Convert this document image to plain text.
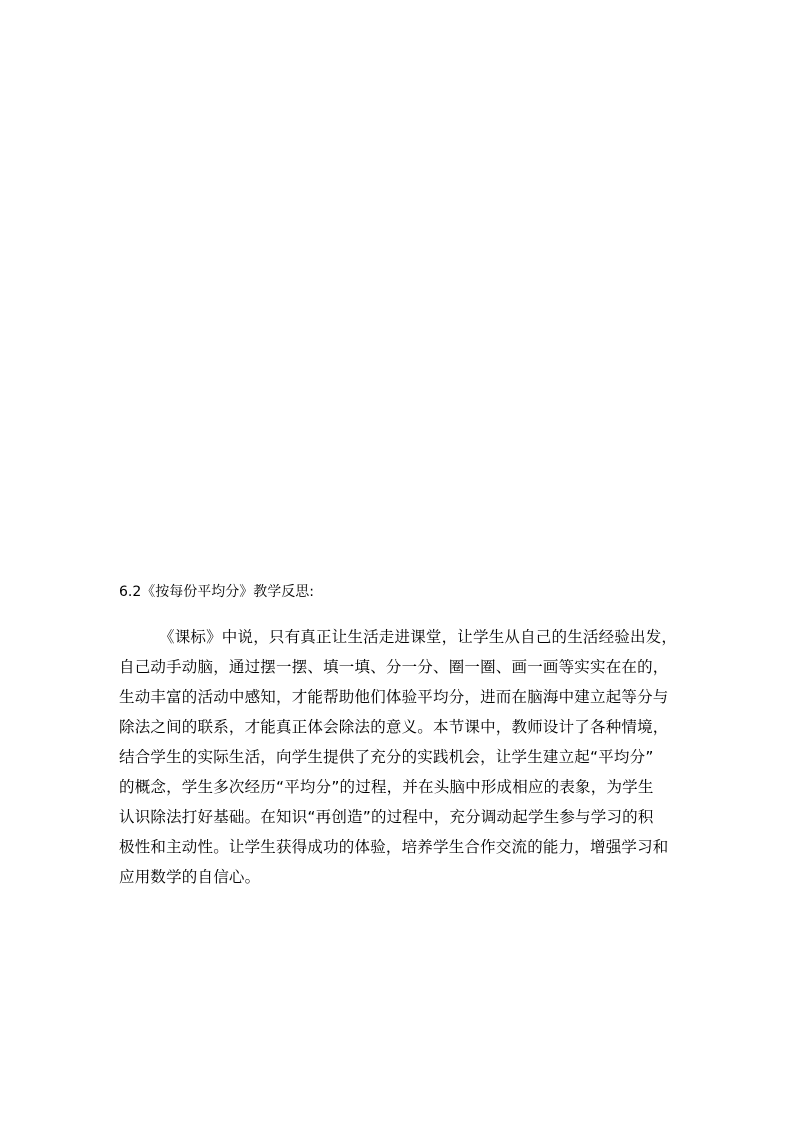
6.2《按每份平均分》教学反思:
《课标》中说，只有真正让生活走进课堂，让学生从自己的生活经验出发，
自己动手动脑，通过摆一摆、填一填、分一分、圈一圈、画一画等实实在在的，
生动丰富的活动中感知，才能帮助他们体验平均分，进而在脑海中建立起等分与
除法之间的联系，才能真正体会除法的意义。本节课中，教师设计了各种情境，
结合学生的实际生活，向学生提供了充分的实践机会，让学生建立起“平均分”
的概念，学生多次经历“平均分”的过程，并在头脑中形成相应的表象，为学生
认识除法打好基础。在知识“再创造”的过程中，充分调动起学生参与学习的积
极性和主动性。让学生获得成功的体验，培养学生合作交流的能力，增强学习和
应用数学的自信心。
